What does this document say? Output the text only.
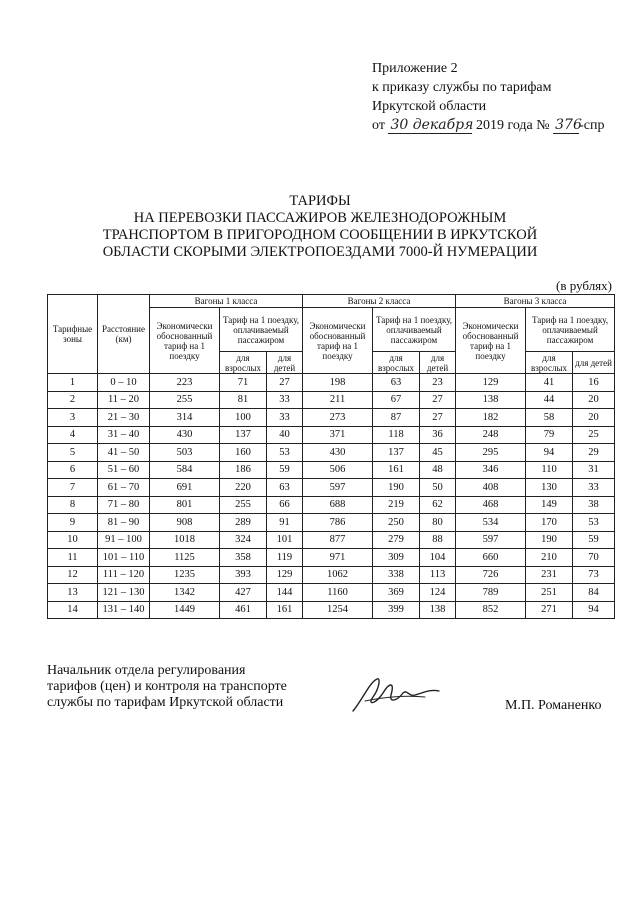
Приложение 2
к приказу службы по тарифам
Иркутской области
от 30 декабря 2019 года № 376-спр
ТАРИФЫ
НА ПЕРЕВОЗКИ ПАССАЖИРОВ ЖЕЛЕЗНОДОРОЖНЫМ
ТРАНСПОРТОМ В ПРИГОРОДНОМ СООБЩЕНИИ В ИРКУТСКОЙ
ОБЛАСТИ СКОРЫМИ ЭЛЕКТРОПОЕЗДАМИ 7000-Й НУМЕРАЦИИ
(в рублях)
Тарифные зоны	Расстояние (км)	Вагоны 1 класса			Вагоны 2 класса			Вагоны 3 класса		
		Экономически обоснованный тариф на 1 поездку	Тариф на 1 поездку, оплачиваемый пассажиром		Экономически обоснованный тариф на 1 поездку	Тариф на 1 поездку, оплачиваемый пассажиром		Экономически обоснованный тариф на 1 поездку	Тариф на 1 поездку, оплачиваемый пассажиром	
			для взрослых	для детей		для взрослых	для детей		для взрослых	для детей
1	0 – 10	223	71	27	198	63	23	129	41	16
2	11 – 20	255	81	33	211	67	27	138	44	20
3	21 – 30	314	100	33	273	87	27	182	58	20
4	31 – 40	430	137	40	371	118	36	248	79	25
5	41 – 50	503	160	53	430	137	45	295	94	29
6	51 – 60	584	186	59	506	161	48	346	110	31
7	61 – 70	691	220	63	597	190	50	408	130	33
8	71 – 80	801	255	66	688	219	62	468	149	38
9	81 – 90	908	289	91	786	250	80	534	170	53
10	91 – 100	1018	324	101	877	279	88	597	190	59
11	101 – 110	1125	358	119	971	309	104	660	210	70
12	111 – 120	1235	393	129	1062	338	113	726	231	73
13	121 – 130	1342	427	144	1160	369	124	789	251	84
14	131 – 140	1449	461	161	1254	399	138	852	271	94
Начальник отдела регулирования
тарифов (цен) и контроля на транспорте
службы по тарифам Иркутской области	М.П. Романенко
